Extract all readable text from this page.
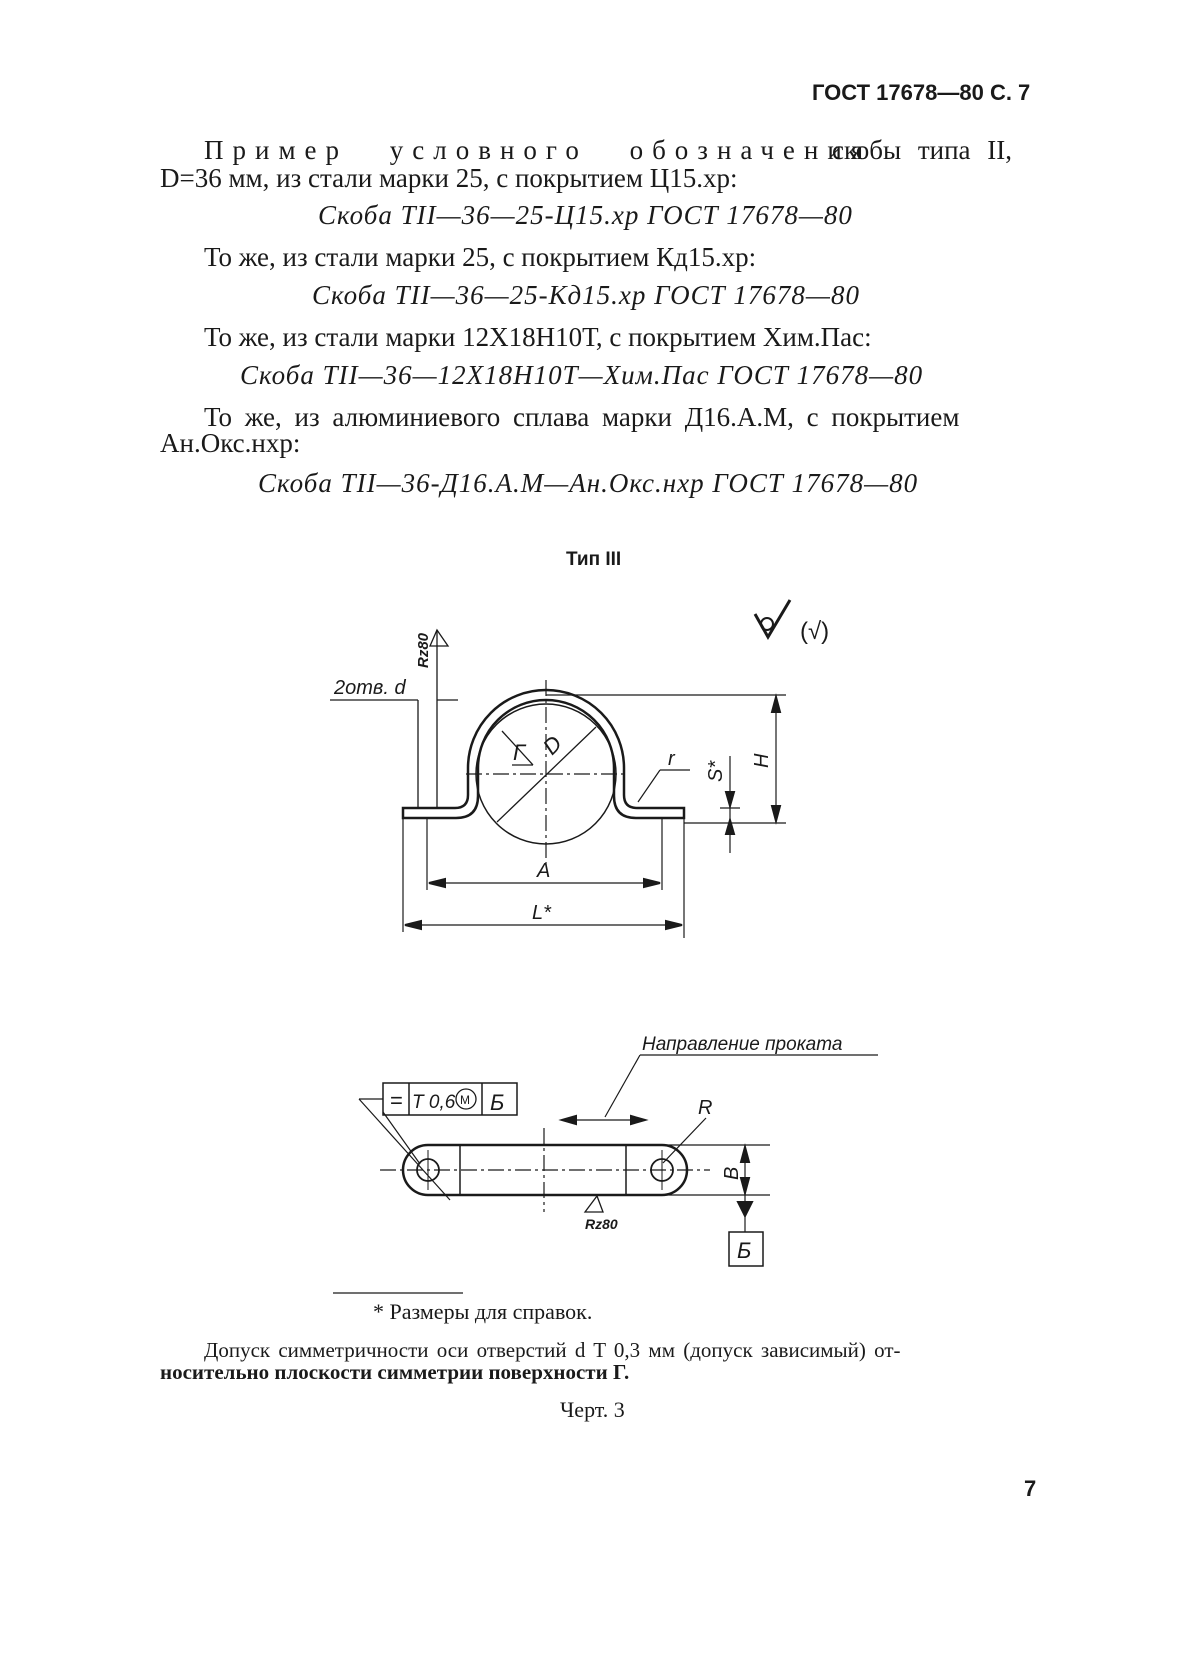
ГОСТ 17678—80 С. 7
Пример условного обозначения
скобы типа II,
D=36 мм, из стали марки 25, с покрытием Ц15.хр:
Скоба ТII—36—25-Ц15.хр ГОСТ 17678—80
То же, из стали марки 25, с покрытием Кд15.хр:
Скоба ТII—36—25-Кд15.хр ГОСТ 17678—80
То же, из стали марки 12Х18Н10Т, с покрытием Хим.Пас:
Скоба ТII—36—12Х18Н10Т—Хим.Пас ГОСТ 17678—80
То же, из алюминиевого сплава марки Д16.А.М, с покрытием
Ан.Окс.нхр:
Скоба ТII—36-Д16.А.М—Ан.Окс.нхр ГОСТ 17678—80
Тип III
Rz80
2отв. d
Г D	r
S*
H
A
L*
(√)
Направление проката
= T 0,6 M Б	R
B
Rz80
Б
* Размеры для справок.
Допуск симметричности оси отверстий d T 0,3 мм (допуск зависимый) от-
носительно плоскости симметрии поверхности Г.
Черт. 3
7
